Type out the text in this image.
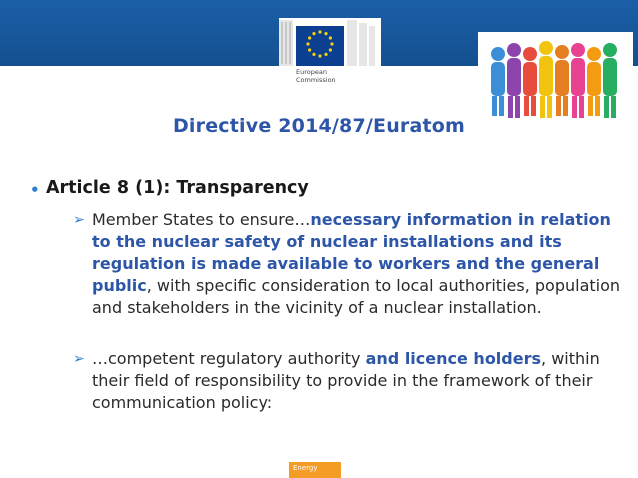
European
Commission
Directive 2014/87/Euratom
• Article 8 (1): Transparency
➢ Member States to ensure…necessary information in relation to the nuclear safety of nuclear installations and its regulation is made available to workers and the general public, with specific consideration to local authorities, population and stakeholders in the vicinity of a nuclear installation.
➢ …competent regulatory authority and licence holders, within their field of responsibility to provide in the framework of their communication policy:
Energy
